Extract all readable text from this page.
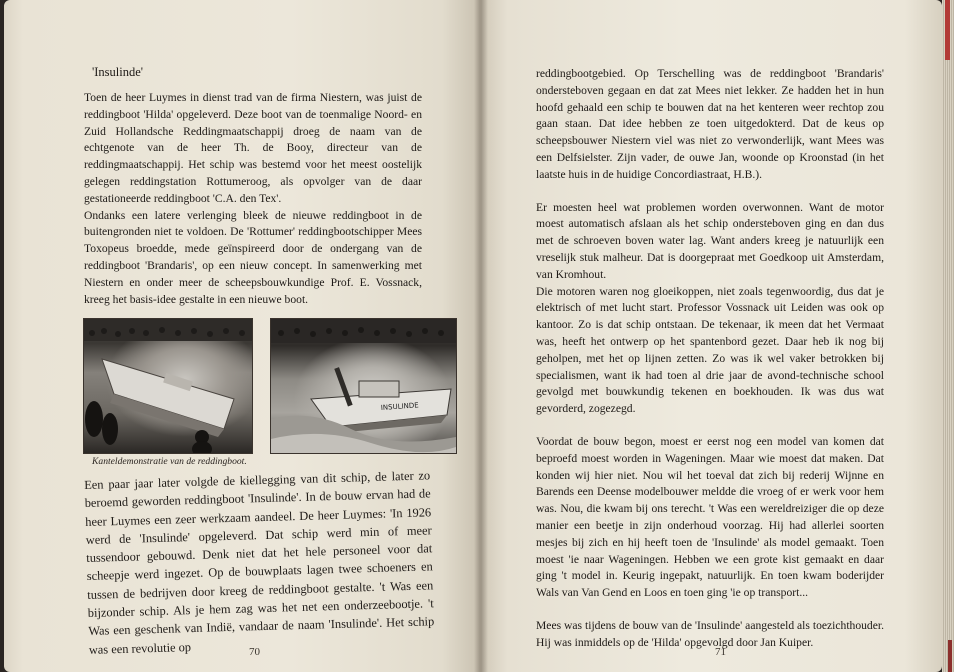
'Insulinde'

Toen de heer Luymes in dienst trad van de firma Niestern, was juist de reddingboot 'Hilda' opgeleverd. Deze boot van de toenmalige Noord- en Zuid Hollandsche Reddingmaatschappij droeg de naam van de echtgenote van de heer Th. de Booy, directeur van de reddingmaatschappij. Het schip was bestemd voor het meest oostelijk gelegen reddingstation Rottumeroog, als opvolger van de daar gestationeerde reddingboot 'C.A. den Tex'.

Ondanks een latere verlenging bleek de nieuwe reddingboot in de buitengronden niet te voldoen. De 'Rottumer' reddingbootschipper Mees Toxopeus broedde, mede geïnspireerd door de ondergang van de reddingboot 'Brandaris', op een nieuw concept. In samenwerking met Niestern en onder meer de scheepsbouwkundige Prof. E. Vossnack, kreeg het basis-idee gestalte in een nieuwe boot.

INSULINDE
Kanteldemonstratie van de reddingboot.

Een paar jaar later volgde de kiellegging van dit schip, de later zo beroemd geworden reddingboot 'Insulinde'. In de bouw ervan had de heer Luymes een zeer werkzaam aandeel. De heer Luymes: 'In 1926 werd de 'Insulinde' opgeleverd. Dat schip werd min of meer tussendoor gebouwd. Denk niet dat het hele personeel voor dat scheepje werd ingezet. Op de bouwplaats lagen twee schoeners en tussen de bedrijven door kreeg de reddingboot gestalte. 't Was een bijzonder schip. Als je hem zag was het net een onderzeebootje. 't Was een geschenk van Indië, vandaar de naam 'Insulinde'. Het schip was een revolutie op	70

reddingbootgebied. Op Terschelling was de reddingboot 'Brandaris' ondersteboven gegaan en dat zat Mees niet lekker. Ze hadden het in hun hoofd gehaald een schip te bouwen dat na het kenteren weer rechtop zou gaan staan. Dat idee hebben ze toen uitgedokterd. Dat de keus op scheepsbouwer Niestern viel was niet zo verwonderlijk, want Mees was een Delfsielster. Zijn vader, de ouwe Jan, woonde op Kroonstad (in het laatste huis in de huidige Concordiastraat, H.B.).

Er moesten heel wat problemen worden overwonnen. Want de motor moest automatisch afslaan als het schip ondersteboven ging en dan dus met de schroeven boven water lag. Want anders kreeg je natuurlijk een vreselijk stuk malheur. Dat is doorgepraat met Goedkoop uit Amsterdam, van Kromhout.

Die motoren waren nog gloeikoppen, niet zoals tegenwoordig, dus dat je elektrisch of met lucht start. Professor Vossnack uit Leiden was ook op kantoor. Zo is dat schip ontstaan. De tekenaar, ik meen dat het Vermaat was, heeft het ontwerp op het spantenbord gezet. Daar heb ik nog bij geholpen, met het op lijnen zetten. Zo was ik wel vaker betrokken bij specialismen, want ik had toen al drie jaar de avond-technische school gevolgd met bouwkundig tekenen en boekhouden. Ik was dus wat gevorderd, zogezegd.

Voordat de bouw begon, moest er eerst nog een model van komen dat beproefd moest worden in Wageningen. Maar wie moest dat maken. Dat konden wij hier niet. Nou wil het toeval dat zich bij rederij Wijnne en Barends een Deense modelbouwer meldde die vroeg of er werk voor hem was. Nou, die kwam bij ons terecht. 't Was een wereldreiziger die op deze manier een beetje in zijn onderhoud voorzag. Hij had allerlei soorten mesjes bij zich en hij heeft toen de 'Insulinde' als model gemaakt. Toen moest 'ie naar Wageningen. Hebben we een grote kist gemaakt en daar ging 't model in. Keurig ingepakt, natuurlijk. En toen kwam boderijder Wals van Van Gend en Loos en toen ging 'ie op transport...

Mees was tijdens de bouw van de 'Insulinde' aangesteld als toezichthouder. Hij was inmiddels op de 'Hilda' opgevolgd door Jan Kuiper.

71
